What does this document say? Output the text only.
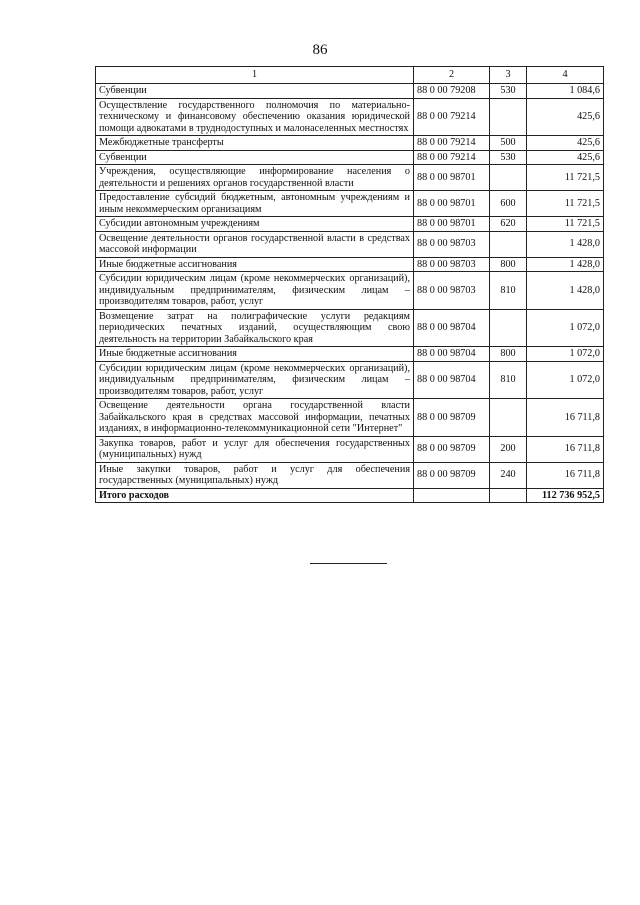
86
1	2	3	4
Субвенции	88 0 00 79208	530	1 084,6
Осуществление государственного полномочия по материально-техническому и финансовому обеспечению оказания юридической помощи адвокатами в труднодоступных и малонаселенных местностях	88 0 00 79214		425,6
Межбюджетные трансферты	88 0 00 79214	500	425,6
Субвенции	88 0 00 79214	530	425,6
Учреждения, осуществляющие информирование населения о деятельности и решениях органов государственной власти	88 0 00 98701		11 721,5
Предоставление субсидий бюджетным, автономным учреждениям и иным некоммерческим организациям	88 0 00 98701	600	11 721,5
Субсидии автономным учреждениям	88 0 00 98701	620	11 721,5
Освещение деятельности органов государственной власти в средствах массовой информации	88 0 00 98703		1 428,0
Иные бюджетные ассигнования	88 0 00 98703	800	1 428,0
Субсидии юридическим лицам (кроме некоммерческих организаций), индивидуальным предпринимателям, физическим лицам – производителям товаров, работ, услуг	88 0 00 98703	810	1 428,0
Возмещение затрат на полиграфические услуги редакциям периодических печатных изданий, осуществляющим свою деятельность на территории Забайкальского края	88 0 00 98704		1 072,0
Иные бюджетные ассигнования	88 0 00 98704	800	1 072,0
Субсидии юридическим лицам (кроме некоммерческих организаций), индивидуальным предпринимателям, физическим лицам – производителям товаров, работ, услуг	88 0 00 98704	810	1 072,0
Освещение деятельности органа государственной власти Забайкальского края в средствах массовой информации, печатных изданиях, в информационно-телекоммуникационной сети "Интернет"	88 0 00 98709		16 711,8
Закупка товаров, работ и услуг для обеспечения государственных (муниципальных) нужд	88 0 00 98709	200	16 711,8
Иные закупки товаров, работ и услуг для обеспечения государственных (муниципальных) нужд	88 0 00 98709	240	16 711,8
Итого расходов			112 736 952,5
